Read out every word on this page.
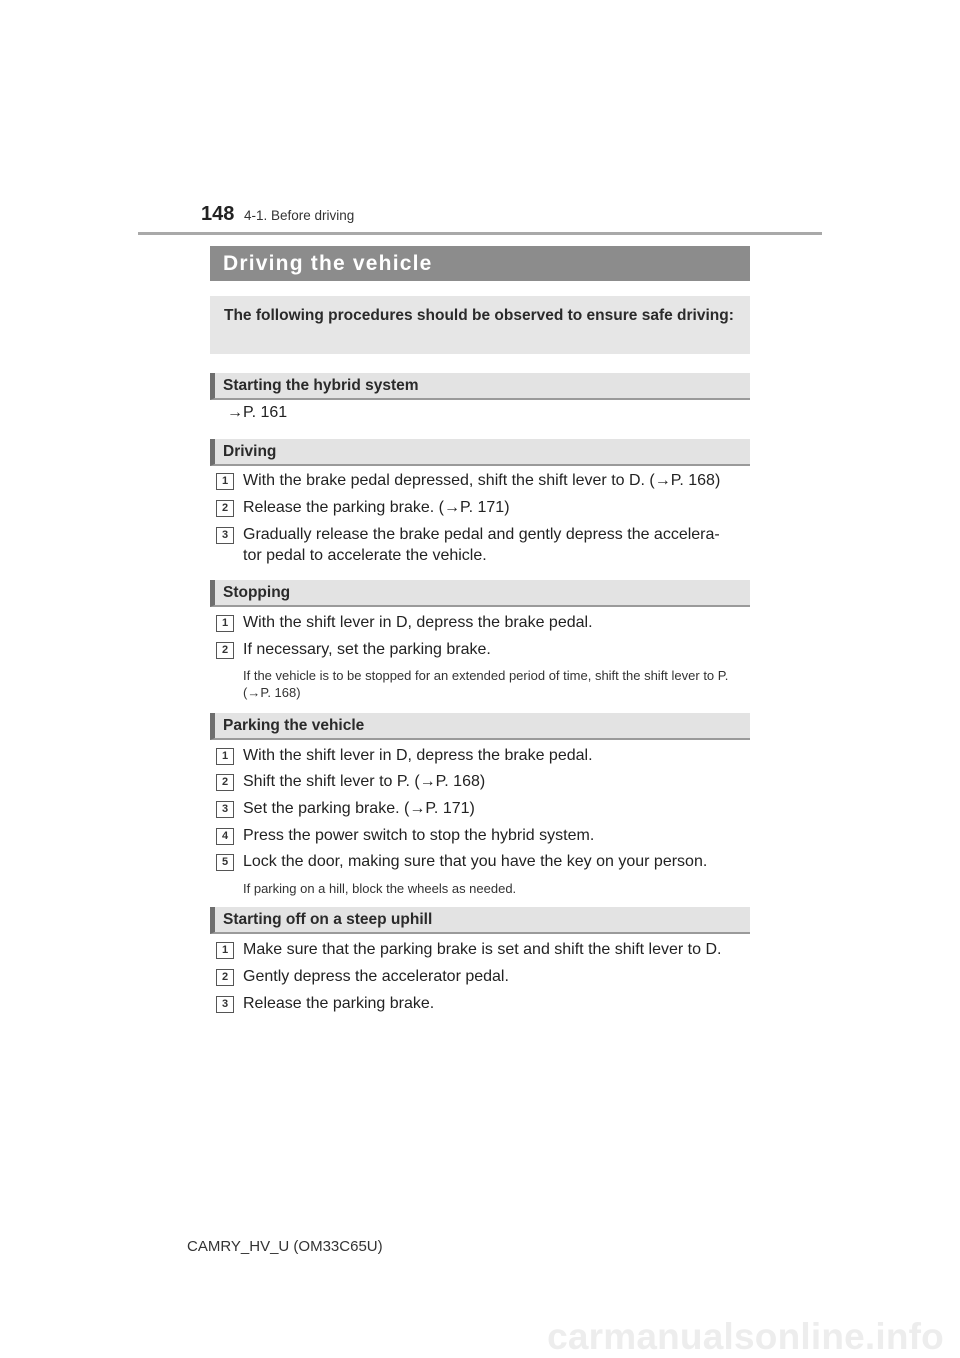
148 4-1. Before driving
Driving the vehicle
The following procedures should be observed to ensure safe driving:
Starting the hybrid system
→P. 161
Driving
1 With the brake pedal depressed, shift the shift lever to D. (→P. 168)
2 Release the parking brake. (→P. 171)
3 Gradually release the brake pedal and gently depress the accelera-
tor pedal to accelerate the vehicle.
Stopping
1 With the shift lever in D, depress the brake pedal.
2 If necessary, set the parking brake.
If the vehicle is to be stopped for an extended period of time, shift the shift lever to P. (→P. 168)
Parking the vehicle
1 With the shift lever in D, depress the brake pedal.
2 Shift the shift lever to P. (→P. 168)
3 Set the parking brake. (→P. 171)
4 Press the power switch to stop the hybrid system.
5 Lock the door, making sure that you have the key on your person.
If parking on a hill, block the wheels as needed.
Starting off on a steep uphill
1 Make sure that the parking brake is set and shift the shift lever to D.
2 Gently depress the accelerator pedal.
3 Release the parking brake.
CAMRY_HV_U (OM33C65U)
carmanualsonline.info
